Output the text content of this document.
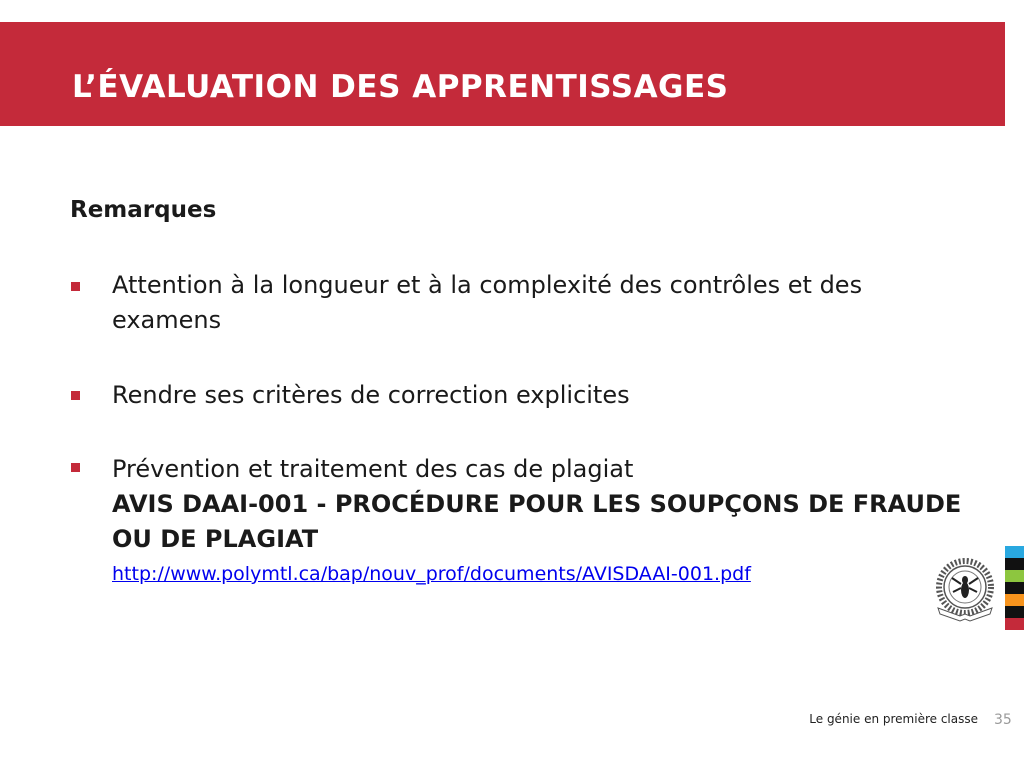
L’ÉVALUATION DES APPRENTISSAGES

Remarques

Attention à la longueur et à la complexité des contrôles et des examens
Rendre ses critères de correction explicites
Prévention et traitement des cas de plagiat
AVIS DAAI-001 - PROCÉDURE POUR LES SOUPÇONS DE FRAUDE OU DE PLAGIAT
http://www.polymtl.ca/bap/nouv_prof/documents/AVISDAAI-001.pdf
Le génie en première classe 35
